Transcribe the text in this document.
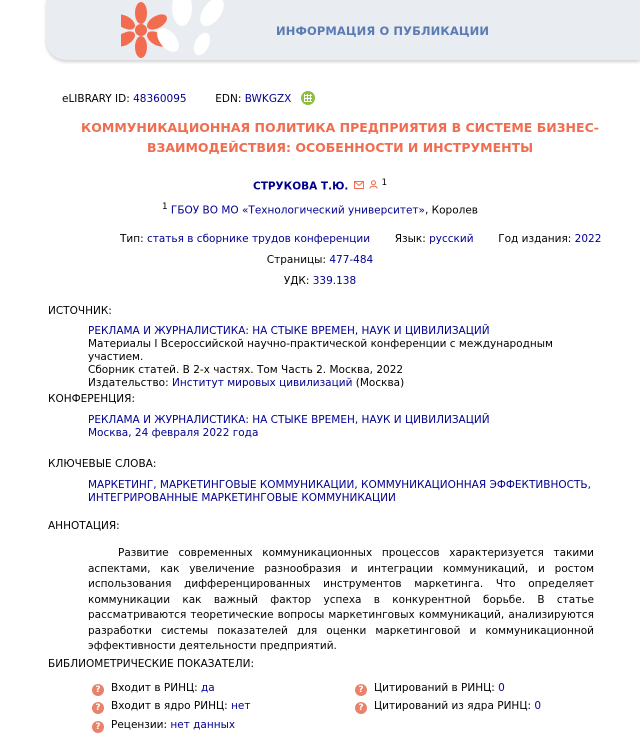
ИНФОРМАЦИЯ О ПУБЛИКАЦИИ
eLIBRARY ID: 48360095	EDN: BWKGZX
КОММУНИКАЦИОННАЯ ПОЛИТИКА ПРЕДПРИЯТИЯ В СИСТЕМЕ БИЗНЕС-ВЗАИМОДЕЙСТВИЯ: ОСОБЕННОСТИ И ИНСТРУМЕНТЫ
СТРУКОВА Т.Ю.	$^1$
$^1$ ГБОУ ВО МО «Технологический университет», Королев
Тип: статья в сборнике трудов конференции Язык: русский Год издания: 2022
Страницы: 477-484
УДК: 339.138
ИСТОЧНИК:
РЕКЛАМА И ЖУРНАЛИСТИКА: НА СТЫКЕ ВРЕМЕН, НАУК И ЦИВИЛИЗАЦИЙ
Материалы I Всероссийской научно-практической конференции с международным участием.
Сборник статей. В 2-х частях. Том Часть 2. Москва, 2022
Издательство: Институт мировых цивилизаций (Москва)
КОНФЕРЕНЦИЯ:
РЕКЛАМА И ЖУРНАЛИСТИКА: НА СТЫКЕ ВРЕМЕН, НАУК И ЦИВИЛИЗАЦИЙ
Москва, 24 февраля 2022 года
КЛЮЧЕВЫЕ СЛОВА:
МАРКЕТИНГ, МАРКЕТИНГОВЫЕ КОММУНИКАЦИИ, КОММУНИКАЦИОННАЯ ЭФФЕКТИВНОСТЬ,
ИНТЕГРИРОВАННЫЕ МАРКЕТИНГОВЫЕ КОММУНИКАЦИИ
АННОТАЦИЯ:
Развитие современных коммуникационных процессов характеризуется такими аспектами, как увеличение разнообразия и интеграции коммуникаций, и ростом использования дифференцированных инструментов маркетинга. Что определяет коммуникации как важный фактор успеха в конкурентной борьбе. В статье рассматриваются теоретические вопросы маркетинговых коммуникаций, анализируются разработки системы показателей для оценки маркетинговой и коммуникационной эффективности деятельности предприятий.
БИБЛИОМЕТРИЧЕСКИЕ ПОКАЗАТЕЛИ:
? Входит в РИНЦ: да
? Входит в ядро РИНЦ: нет
? Рецензии: нет данных
? Цитирований в РИНЦ: 0
? Цитирований из ядра РИНЦ: 0
